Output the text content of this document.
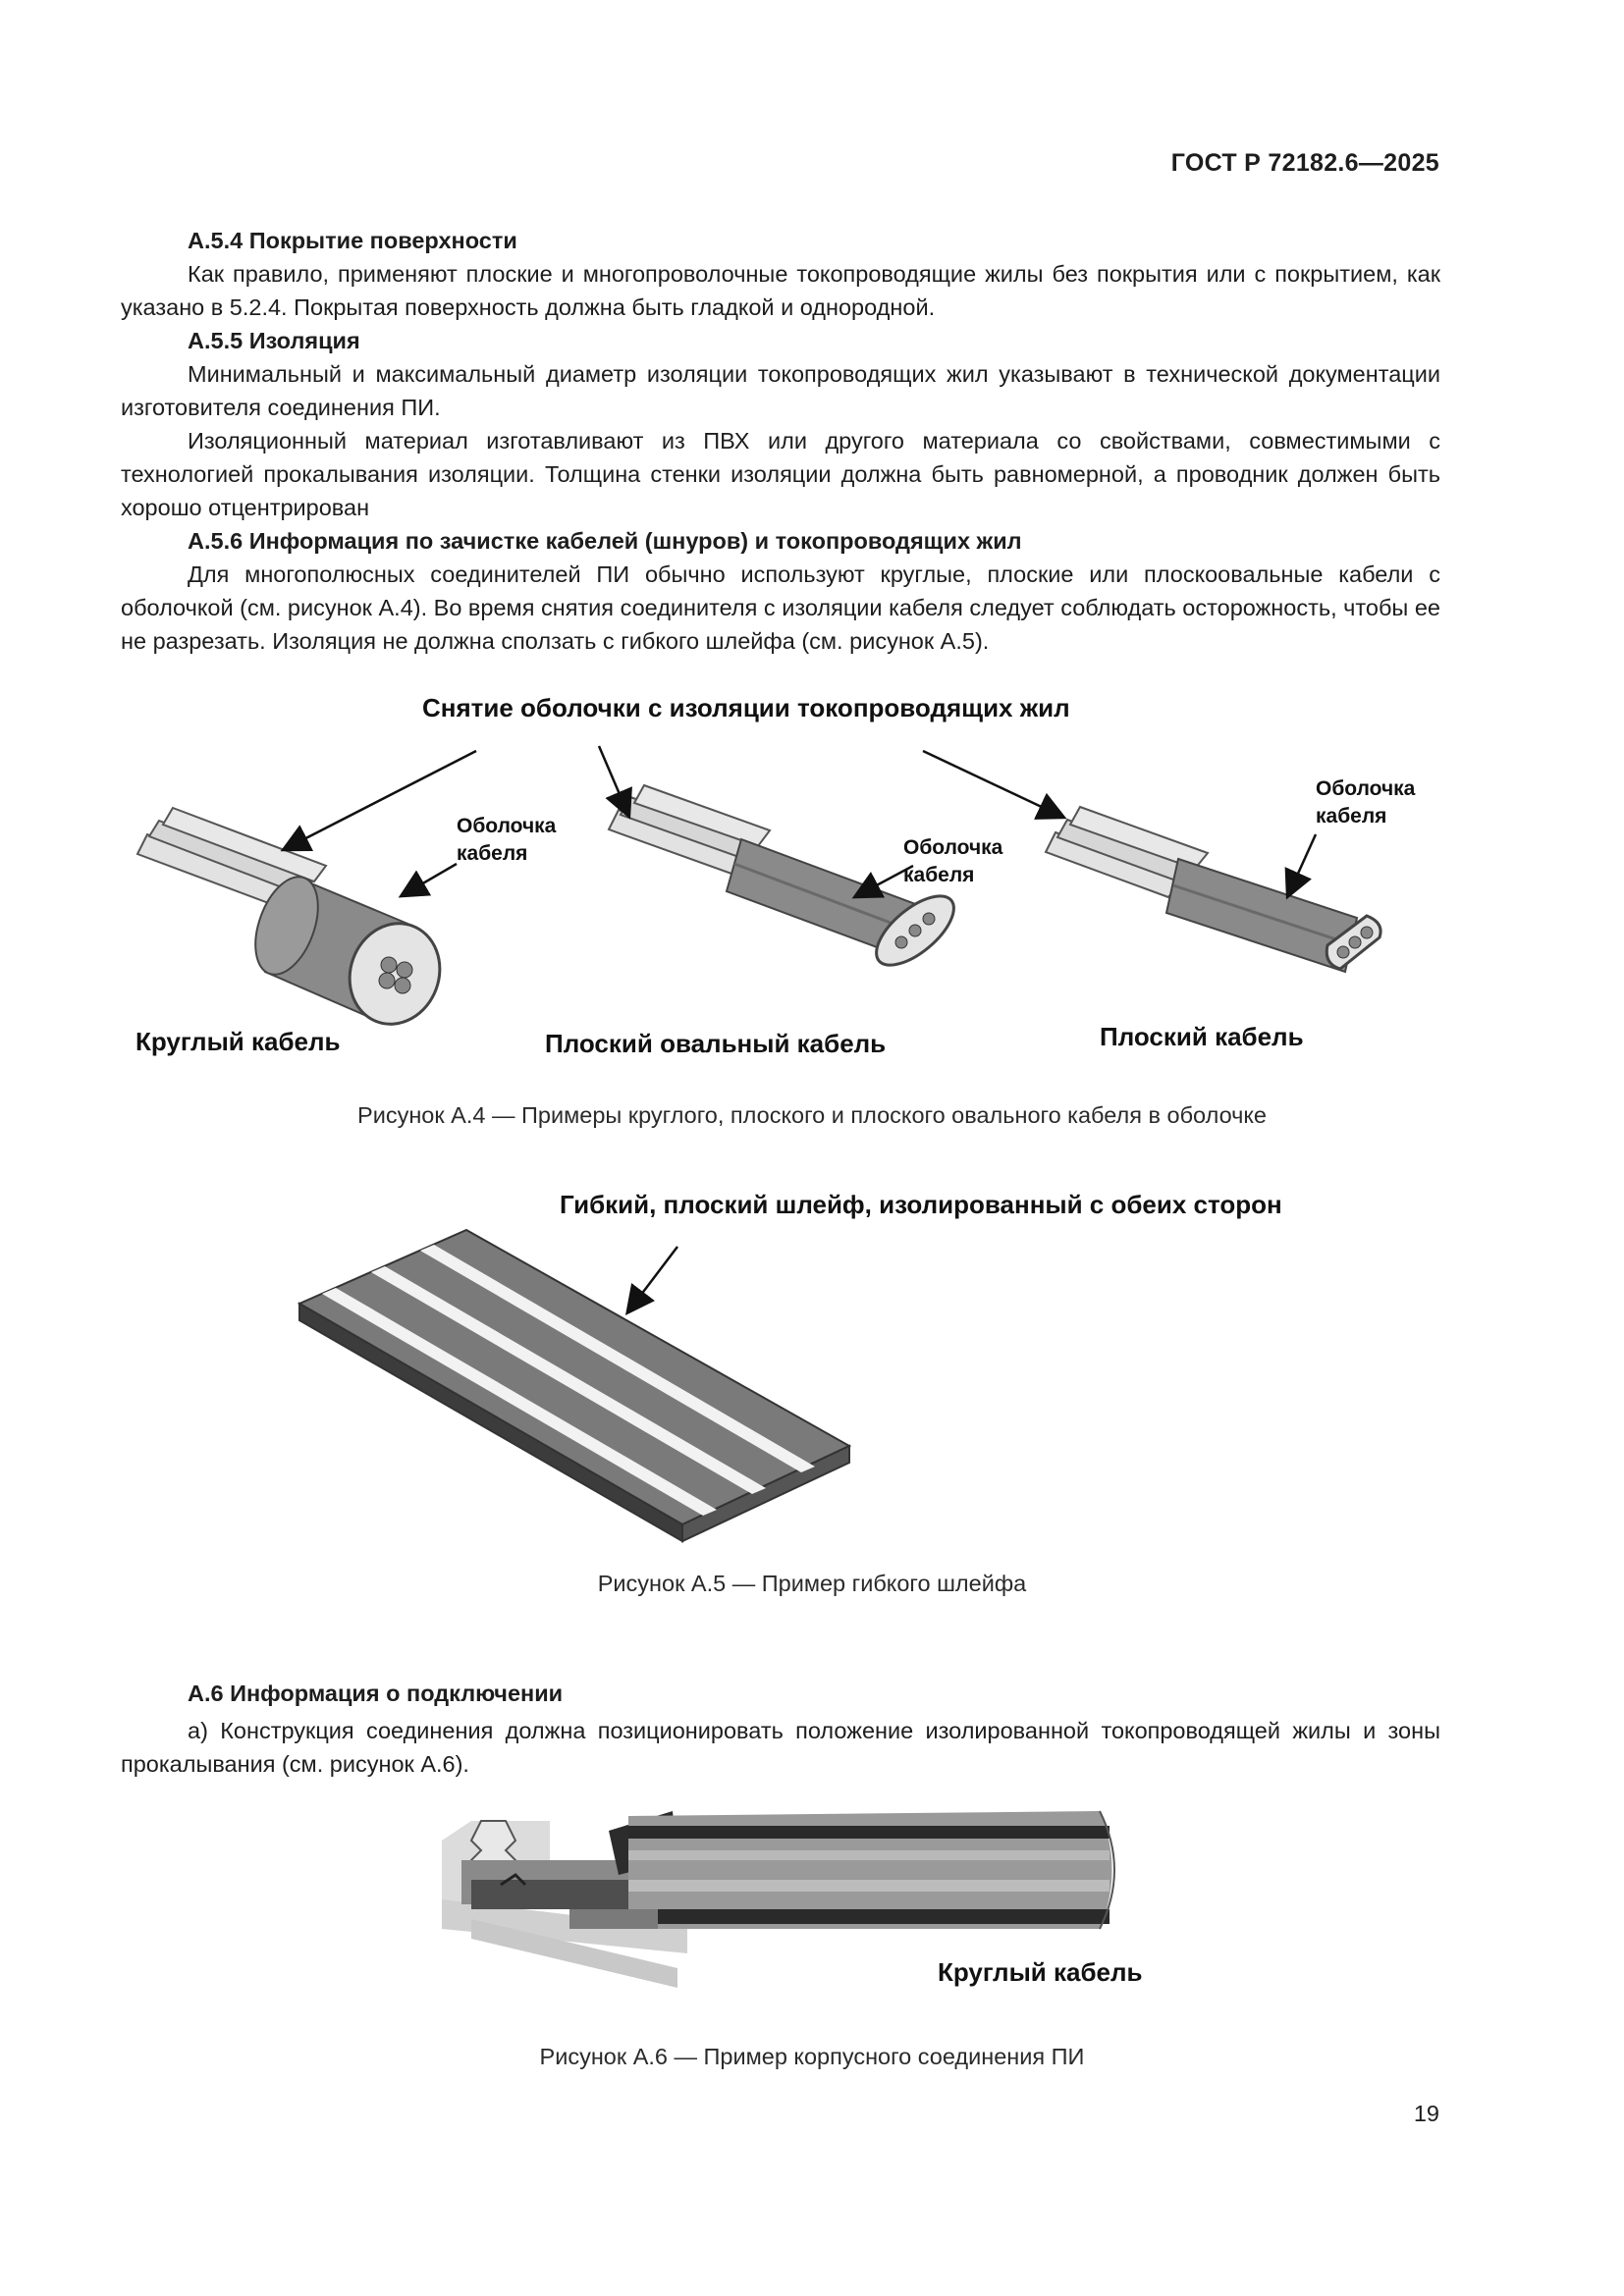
ГОСТ Р 72182.6—2025
А.5.4 Покрытие поверхности

Как правило, применяют плоские и многопроволочные токопроводящие жилы без покрытия или с покрытием, как указано в 5.2.4. Покрытая поверхность должна быть гладкой и однородной.

А.5.5 Изоляция

Минимальный и максимальный диаметр изоляции токопроводящих жил указывают в технической документации изготовителя соединения ПИ.

Изоляционный материал изготавливают из ПВХ или другого материала со свойствами, совместимыми с технологией прокалывания изоляции. Толщина стенки изоляции должна быть равномерной, а проводник должен быть хорошо отцентрирован

А.5.6 Информация по зачистке кабелей (шнуров) и токопроводящих жил

Для многополюсных соединителей ПИ обычно используют круглые, плоские или плоскоовальные кабели с оболочкой (см. рисунок А.4). Во время снятия соединителя с изоляции кабеля следует соблюдать осторожность, чтобы ее не разрезать. Изоляция не должна сползать с гибкого шлейфа (см. рисунок А.5).

Снятие оболочки с изоляции токопроводящих жил
Оболочка
кабеля
Круглый кабель
Оболочка
кабеля
Плоский овальный кабель
Оболочка
кабеля
Плоский кабель
Рисунок А.4 — Примеры круглого, плоского и плоского овального кабеля в оболочке
Гибкий, плоский шлейф, изолированный с обеих сторон
Рисунок А.5 — Пример гибкого шлейфа
А.6 Информация о подключении

а) Конструкция соединения должна позиционировать положение изолированной токопроводящей жилы и зоны прокалывания (см. рисунок А.6).

Круглый кабель
Рисунок А.6 — Пример корпусного соединения ПИ
19
